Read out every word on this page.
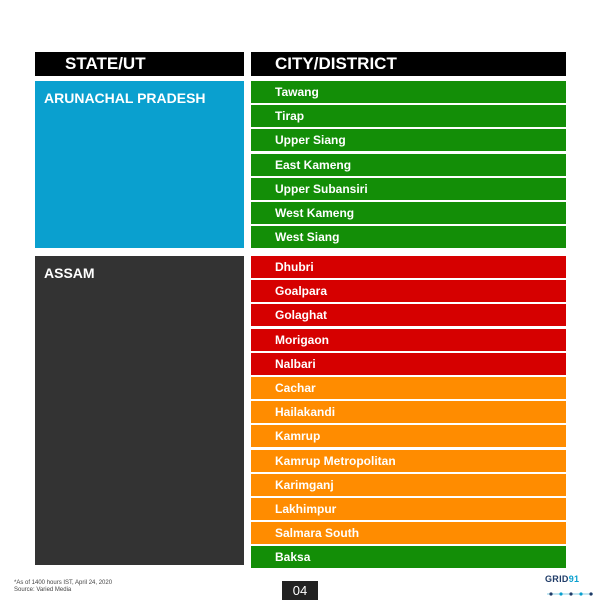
STATE/UT	CITY/DISTRICT
ARUNACHAL PRADESH
ASSAM
Tawang
Tirap
Upper Siang
East Kameng
Upper Subansiri
West Kameng
West Siang
Dhubri
Goalpara
Golaghat
Morigaon
Nalbari
Cachar
Hailakandi
Kamrup
Kamrup Metropolitan
Karimganj
Lakhimpur
Salmara South
Baksa
*As of 1400 hours IST, April 24, 2020
Source: Varied Media	04
GRID91
